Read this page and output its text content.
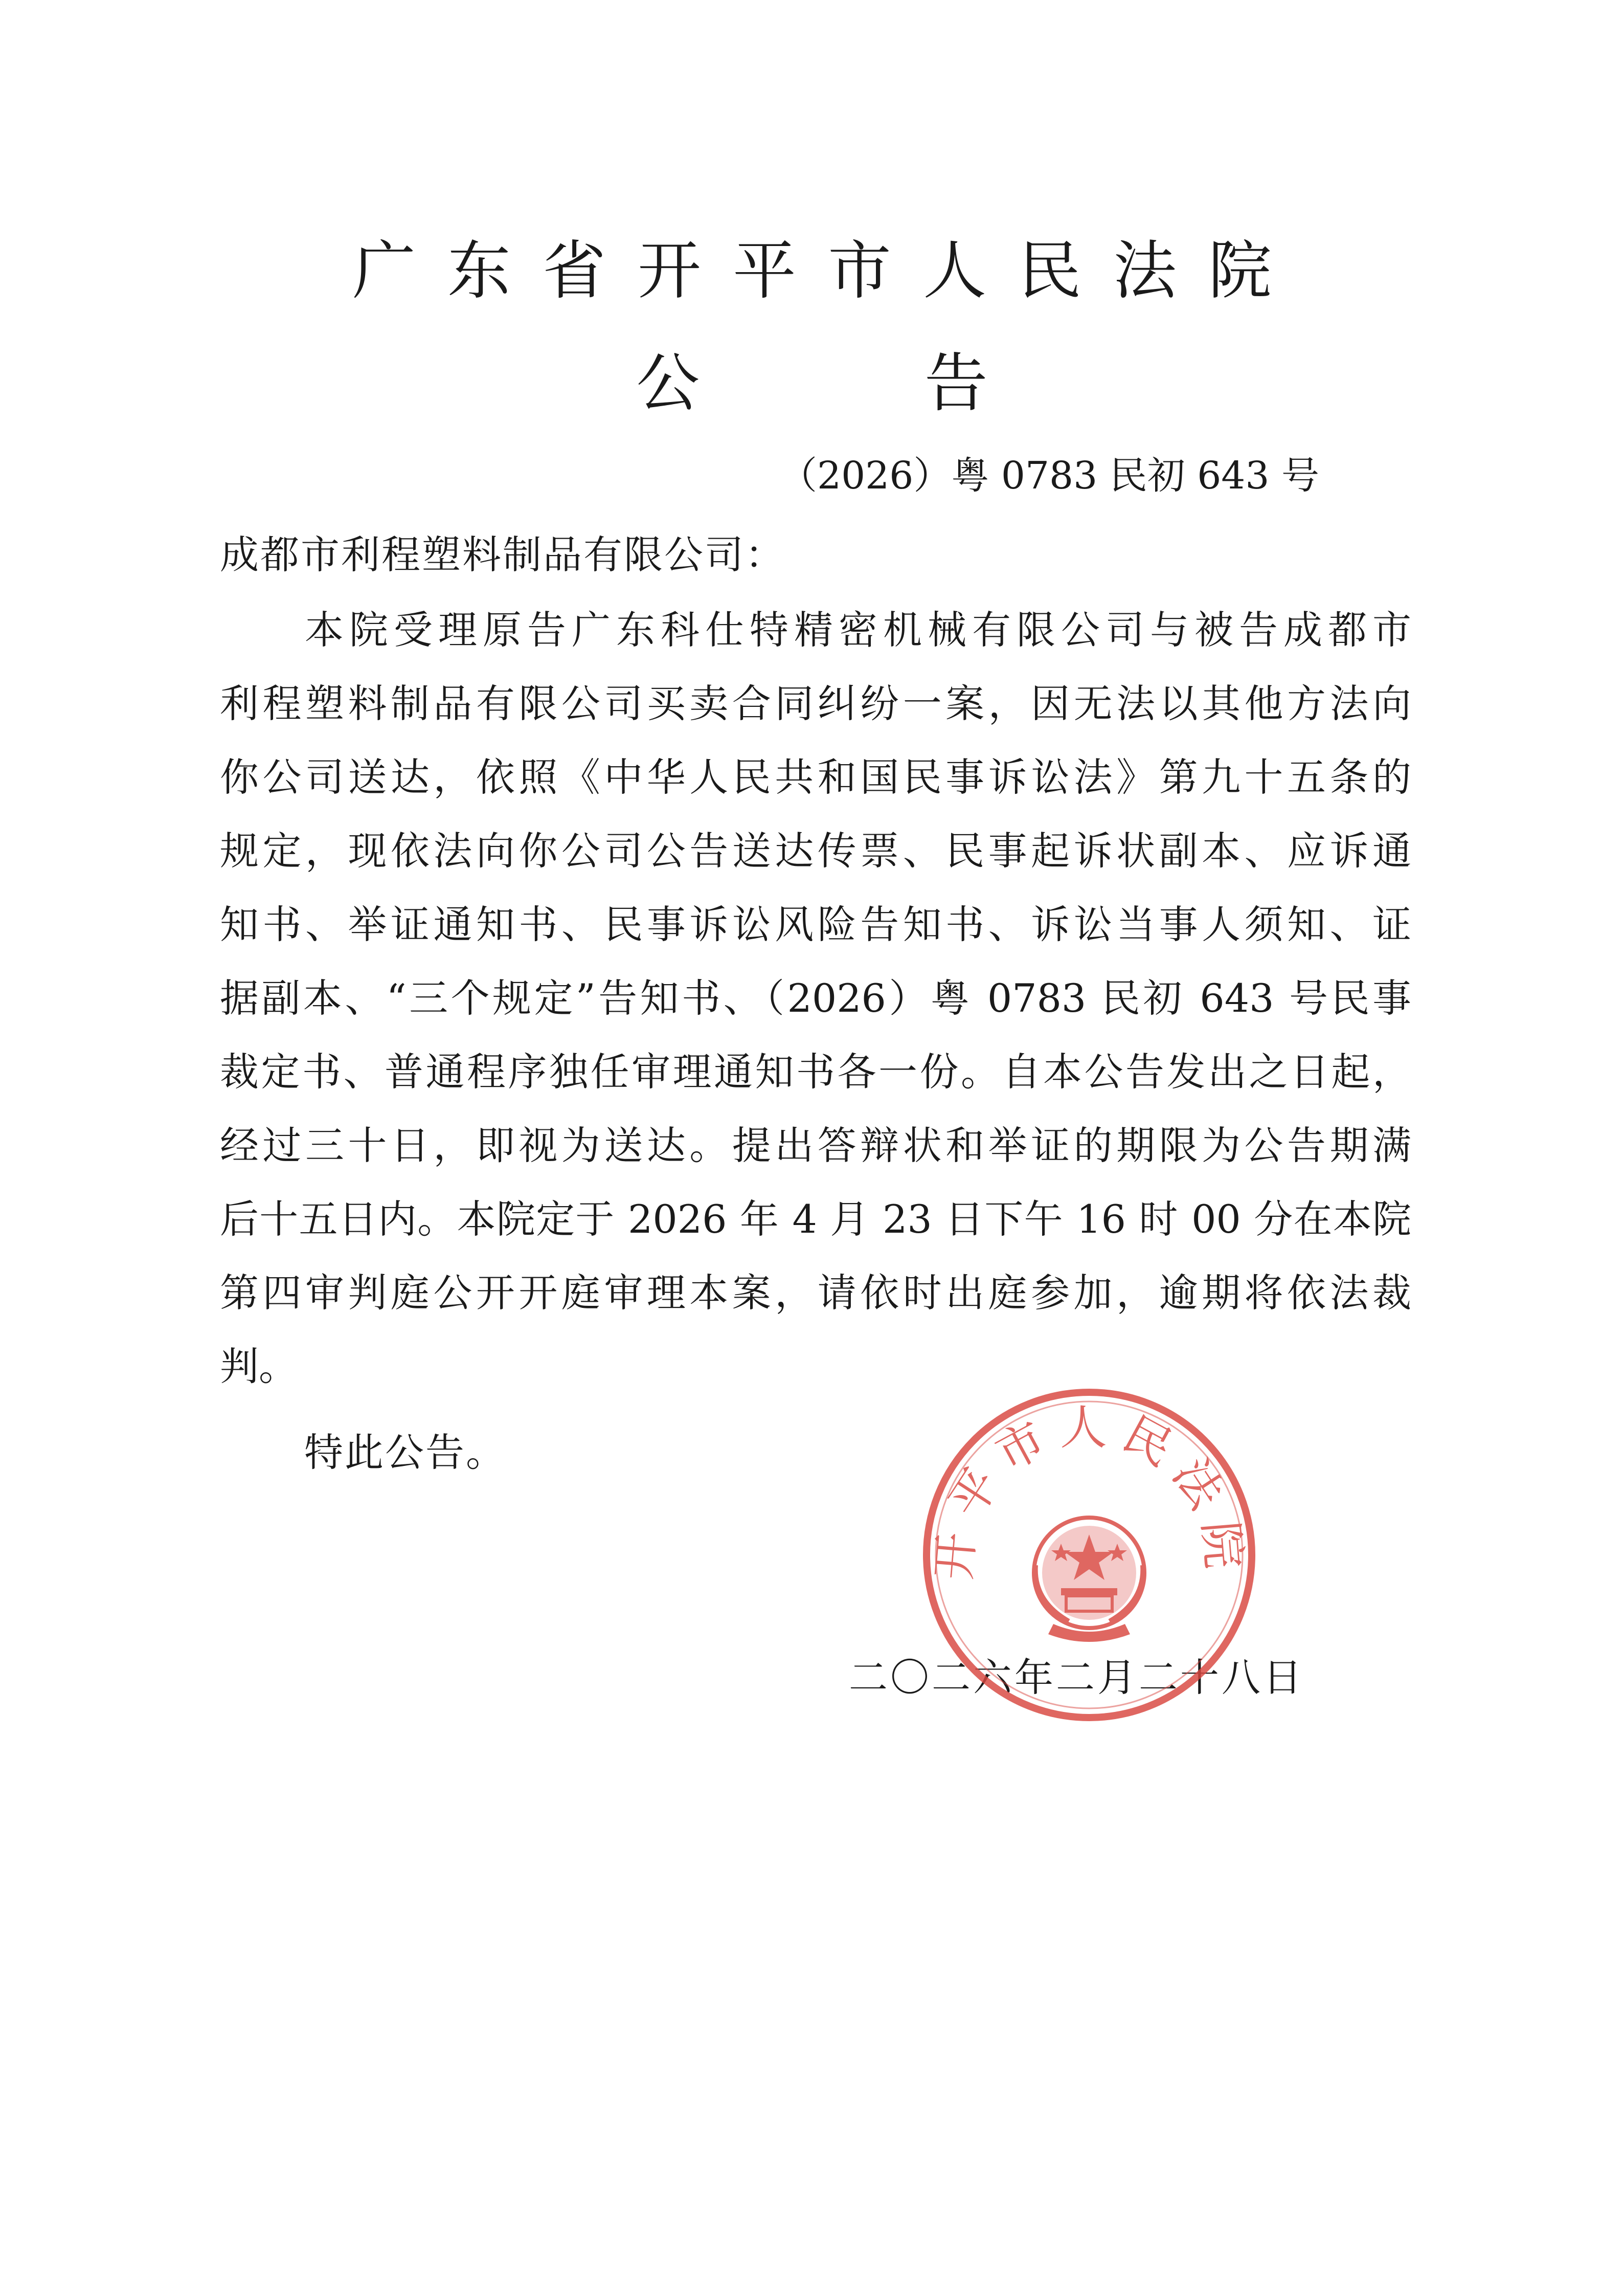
广东省开平市人民法院
公 告
（2026）粤 0783 民初 643 号
成都市利程塑料制品有限公司：
本院受理原告广东科仕特精密机械有限公司与被告成都市
利程塑料制品有限公司买卖合同纠纷一案，因无法以其他方法向
你公司送达，依照《中华人民共和国民事诉讼法》第九十五条的
规定，现依法向你公司公告送达传票、民事起诉状副本、应诉通
知书、举证通知书、民事诉讼风险告知书、诉讼当事人须知、证
据副本、“三个规定”告知书、（2026）粤 0783 民初 643 号民事
裁定书、普通程序独任审理通知书各一份。自本公告发出之日起，
经过三十日，即视为送达。提出答辩状和举证的期限为公告期满
后十五日内。本院定于 2026 年 4 月 23 日下午 16 时 00 分在本院
第四审判庭公开开庭审理本案，请依时出庭参加，逾期将依法裁
判。
特此公告。
二〇二六年二月二十八日
开平市人民法院
